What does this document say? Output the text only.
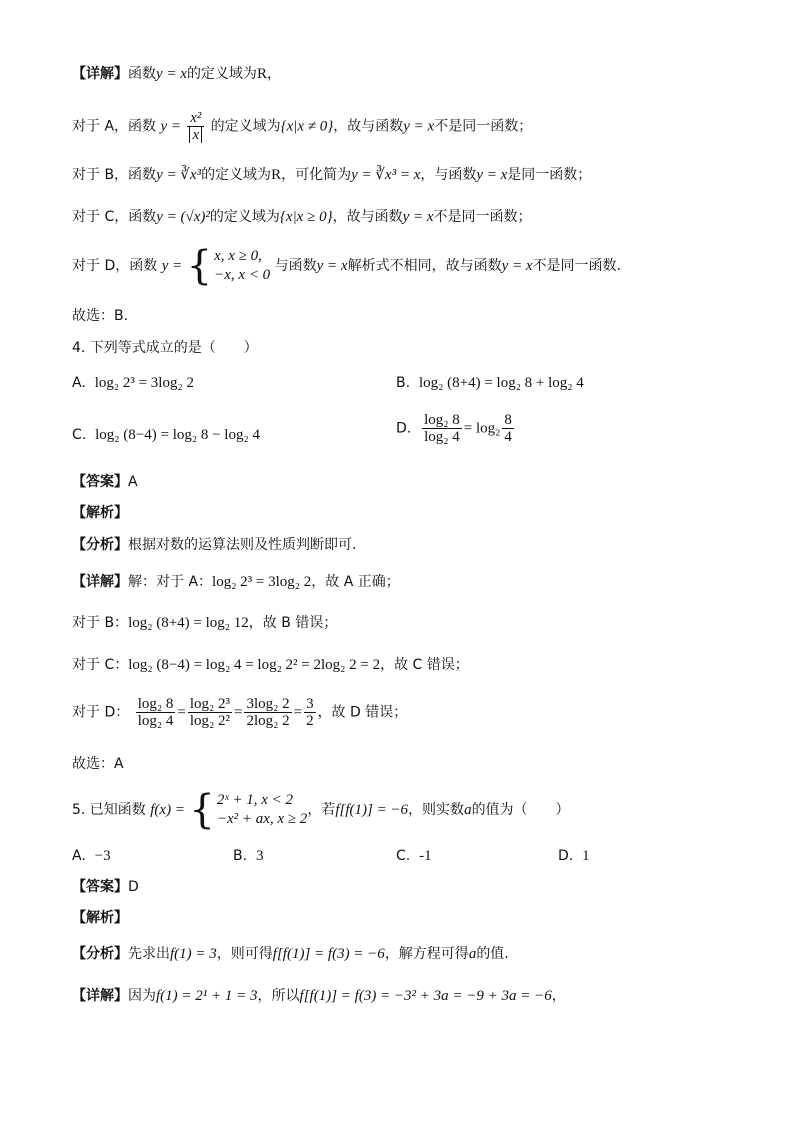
【详解】函数y = x的定义域为R，
对于 A，函数 $y = \frac{\text{x²}}{x}$ 的定义域为{x|x ≠ 0}，故与函数y = x不是同一函数；
对于 B，函数y = ∛x³的定义域为R，可化简为y = ∛x³ = x，与函数y = x是同一函数；
对于 C，函数y = (√x)²的定义域为{x|x ≥ 0}，故与函数y = x不是同一函数；
对于 D，函数 y = { x, x ≥ 0,
−x, x < 0
与函数y = x解析式不相同，故与函数y = x不是同一函数.
故选：B.
4. 下列等式成立的是（　　）
A. log₂ 2³ = 3log₂ 2	B. log₂ (8+4) = log₂ 8 + log₂ 4
C. log₂ (8−4) = log₂ 8 − log₂ 4	D. $\frac{\text{log₂ 8}}{\text{log₂ 4}} = \log_2 \frac{8}{4}$
【答案】A
【解析】
【分析】根据对数的运算法则及性质判断即可.
【详解】解：对于 A：log₂ 2³ = 3log₂ 2，故 A 正确；
对于 B：log₂ (8+4) = log₂ 12，故 B 错误；
对于 C：log₂ (8−4) = log₂ 4 = log₂ 2² = 2log₂ 2 = 2，故 C 错误；
对于 D： $\frac{\text{log₂ 8}}{\text{log₂ 4}} = \frac{\text{log₂ 2³}}{\text{log₂ 2²}} = \frac{\text{3log₂ 2}}{\text{2log₂ 2}} = \frac{3}{2}$ ，故 D 错误；
故选：A
5. 已知函数 f(x) = { 2ˣ + 1, x < 2
−x² + ax, x ≥ 2
，若f[f(1)] = −6，则实数a的值为（　　）
A. −3	B. 3	C. -1	D. 1
【答案】D
【解析】
【分析】先求出f(1) = 3，则可得f[f(1)] = f(3) = −6，解方程可得a的值.
【详解】因为f(1) = 2¹ + 1 = 3，所以f[f(1)] = f(3) = −3² + 3a = −9 + 3a = −6，
